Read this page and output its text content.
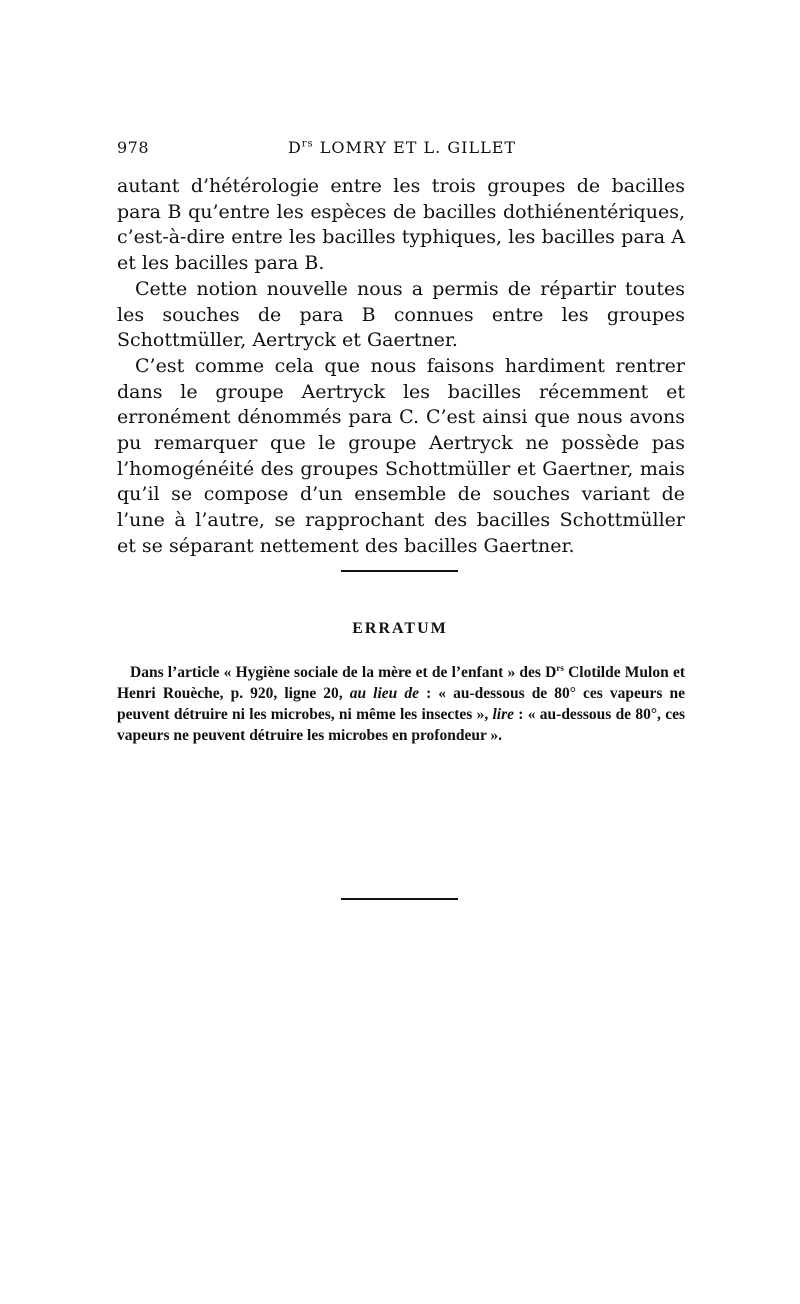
978	$D^{rs}$ LOMRY ET L. GILLET

autant d’hétérologie entre les trois groupes de bacilles para B qu’entre les espèces de bacilles dothiénentériques, c’est-à-dire entre les bacilles typhiques, les bacilles para A et les bacilles para B.

Cette notion nouvelle nous a permis de répartir toutes les souches de para B connues entre les groupes Schottmüller, Aertryck et Gaertner.

C’est comme cela que nous faisons hardiment rentrer dans le groupe Aertryck les bacilles récemment et erronément dénommés para C. C’est ainsi que nous avons pu remarquer que le groupe Aertryck ne possède pas l’homogénéité des groupes Schottmüller et Gaertner, mais qu’il se compose d’un ensemble de souches variant de l’une à l’autre, se rapprochant des bacilles Schottmüller et se séparant nettement des bacilles Gaertner.

ERRATUM

Dans l’article « Hygiène sociale de la mère et de l’enfant » des $D^{rs}$ Clotilde Mulon et Henri Rouèche, p. 920, ligne 20, au lieu de : « au-dessous de 80° ces vapeurs ne peuvent détruire ni les microbes, ni même les insectes », lire : « au-dessous de 80°, ces vapeurs ne peuvent détruire les microbes en profondeur ».
